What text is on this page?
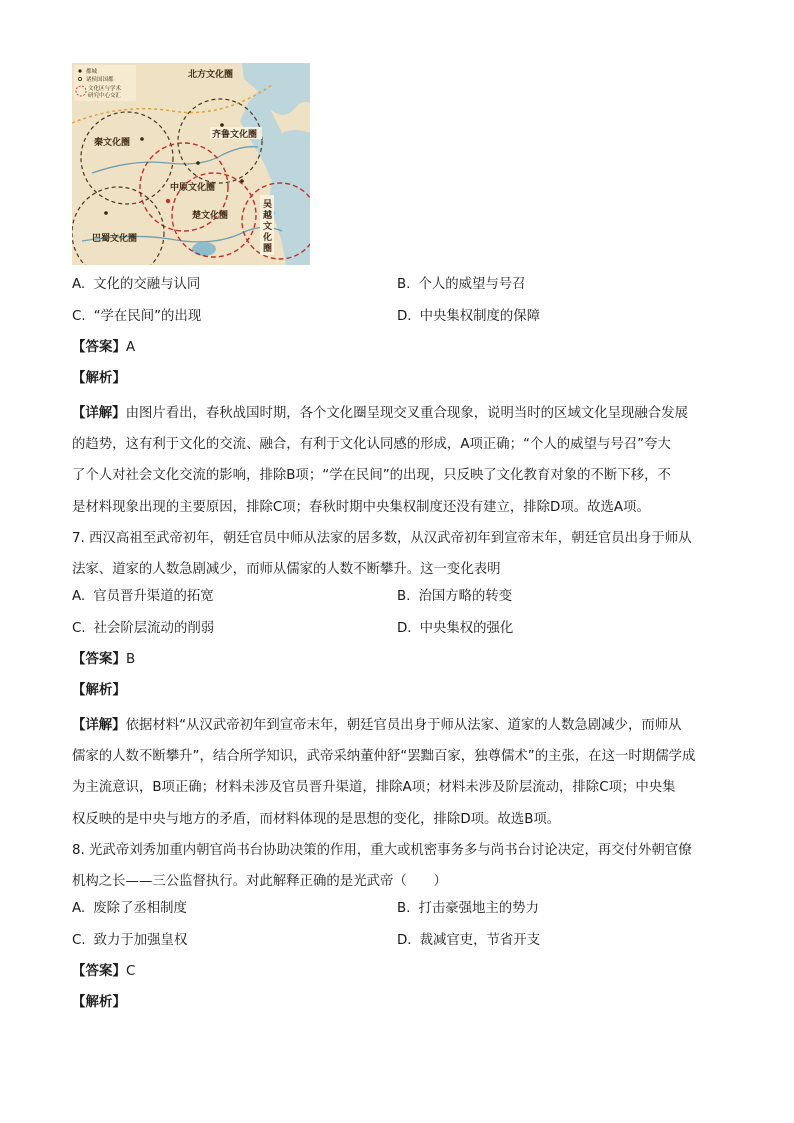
都城
诸侯国国都
文化区与学术
研究中心交汇
北方文化圈
秦文化圈
齐鲁文化圈
中原文化圈
楚文化圈
巴蜀文化圈
吴越文化圈
A. 文化的交融与认同	B. 个人的威望与号召
C. “学在民间”的出现	D. 中央集权制度的保障
【答案】A
【解析】
【详解】由图片看出，春秋战国时期，各个文化圈呈现交叉重合现象，说明当时的区域文化呈现融合发展
的趋势，这有利于文化的交流、融合，有利于文化认同感的形成，A项正确；“个人的威望与号召”夸大
了个人对社会文化交流的影响，排除B项；“学在民间”的出现，只反映了文化教育对象的不断下移，不
是材料现象出现的主要原因，排除C项；春秋时期中央集权制度还没有建立，排除D项。故选A项。
7. 西汉高祖至武帝初年，朝廷官员中师从法家的居多数，从汉武帝初年到宣帝末年，朝廷官员出身于师从
法家、道家的人数急剧减少，而师从儒家的人数不断攀升。这一变化表明
A. 官员晋升渠道的拓宽	B. 治国方略的转变
C. 社会阶层流动的削弱	D. 中央集权的强化
【答案】B
【解析】
【详解】依据材料“从汉武帝初年到宣帝末年，朝廷官员出身于师从法家、道家的人数急剧减少，而师从
儒家的人数不断攀升”，结合所学知识，武帝采纳董仲舒“罢黜百家，独尊儒术”的主张，在这一时期儒学成
为主流意识，B项正确；材料未涉及官员晋升渠道，排除A项；材料未涉及阶层流动，排除C项；中央集
权反映的是中央与地方的矛盾，而材料体现的是思想的变化，排除D项。故选B项。
8. 光武帝刘秀加重内朝官尚书台协助决策的作用，重大或机密事务多与尚书台讨论决定，再交付外朝官僚
机构之长——三公监督执行。对此解释正确的是光武帝（　　）
A. 废除了丞相制度	B. 打击豪强地主的势力
C. 致力于加强皇权	D. 裁减官吏，节省开支
【答案】C
【解析】
